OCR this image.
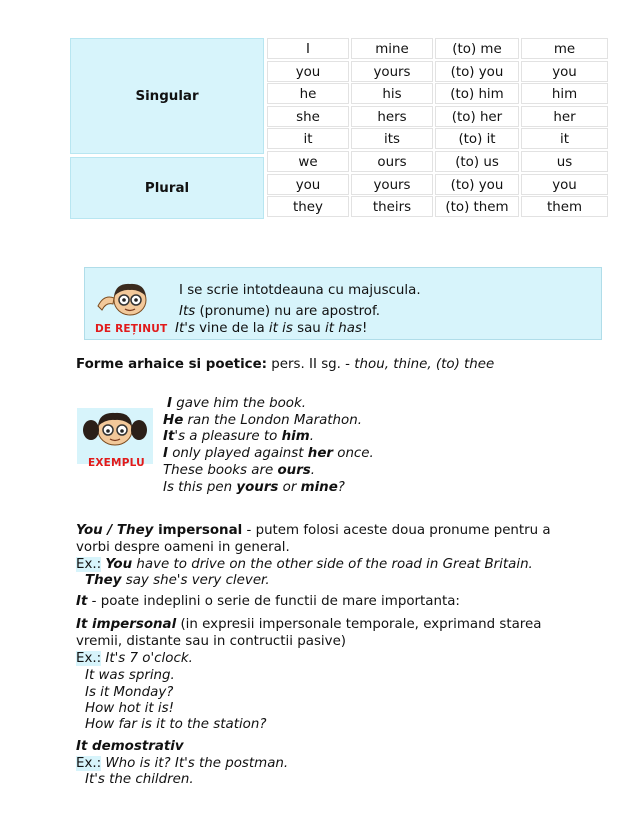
Singular
Plural
I	mine	(to) me	me
you	yours	(to) you	you
he	his	(to) him	him
she	hers	(to) her	her
it	its	(to) it	it
we	ours	(to) us	us
you	yours	(to) you	you
they	theirs	(to) them	them
DE REȚINUT
I se scrie intotdeauna cu majuscula.
Its (pronume) nu are apostrof.
It's vine de la it is sau it has!
Forme arhaice si poetice: pers. II sg. - thou, thine, (to) thee
EXEMPLU
I gave him the book.
He ran the London Marathon.
It's a pleasure to him.
I only played against her once.
These books are ours.
Is this pen yours or mine?
You / They impersonal - putem folosi aceste doua pronume pentru a
vorbi despre oameni in general.
Ex.: You have to drive on the other side of the road in Great Britain.
They say she's very clever.
It - poate indeplini o serie de functii de mare importanta:
It impersonal (in expresii impersonale temporale, exprimand starea
vremii, distante sau in contructii pasive)
Ex.: It's 7 o'clock.
It was spring.
Is it Monday?
How hot it is!
How far is it to the station?
It demostrativ
Ex.: Who is it? It's the postman.
It's the children.
